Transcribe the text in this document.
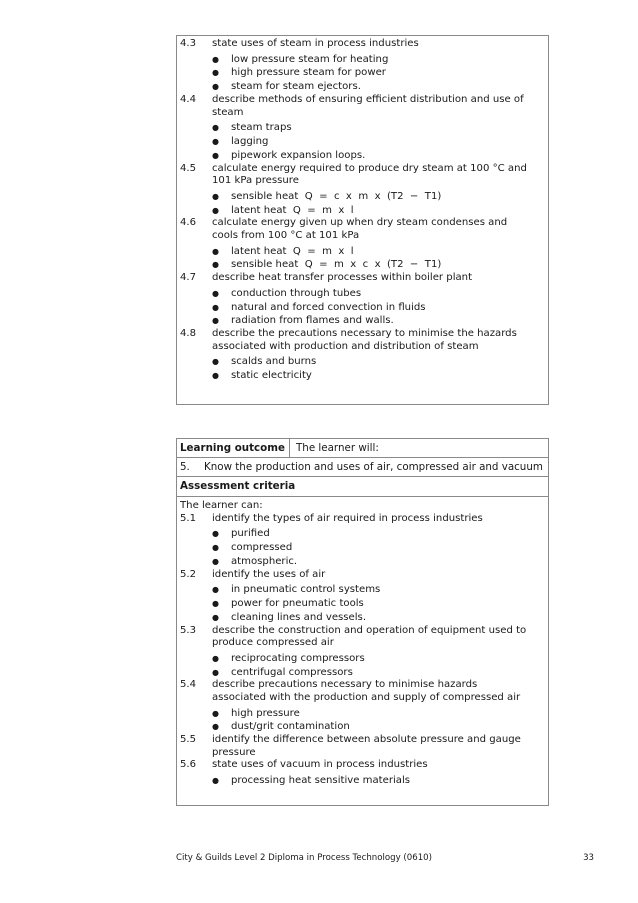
4.3	state uses of steam in process industries
●	low pressure steam for heating
●	high pressure steam for power
●	steam for steam ejectors.
4.4	describe methods of ensuring efficient distribution and use of steam
●	steam traps
●	lagging
●	pipework expansion loops.
4.5	calculate energy required to produce dry steam at 100 °C and 101 kPa pressure
●	sensible heat  Q  =  c  x  m  x  (T2  −  T1)
●	latent heat  Q  =  m  x  l
4.6	calculate energy given up when dry steam condenses and cools from 100 °C at 101 kPa
●	latent heat  Q  =  m  x  l
●	sensible heat  Q  =  m  x  c  x  (T2  −  T1)
4.7	describe heat transfer processes within boiler plant
●	conduction through tubes
●	natural and forced convection in fluids
●	radiation from flames and walls.
4.8	describe the precautions necessary to minimise the hazards associated with production and distribution of steam
●	scalds and burns
●	static electricity
Learning outcome	The learner will:
5. Know the production and uses of air, compressed air and vacuum
Assessment criteria
The learner can:
5.1	identify the types of air required in process industries
●	purified
●	compressed
●	atmospheric.
5.2	identify the uses of air
●	in pneumatic control systems
●	power for pneumatic tools
●	cleaning lines and vessels.
5.3	describe the construction and operation of equipment used to produce compressed air
●	reciprocating compressors
●	centrifugal compressors
5.4	describe precautions necessary to minimise hazards associated with the production and supply of compressed air
●	high pressure
●	dust/grit contamination
5.5	identify the difference between absolute pressure and gauge pressure
5.6	state uses of vacuum in process industries
●	processing heat sensitive materials
City & Guilds Level 2 Diploma in Process Technology (0610)	33
